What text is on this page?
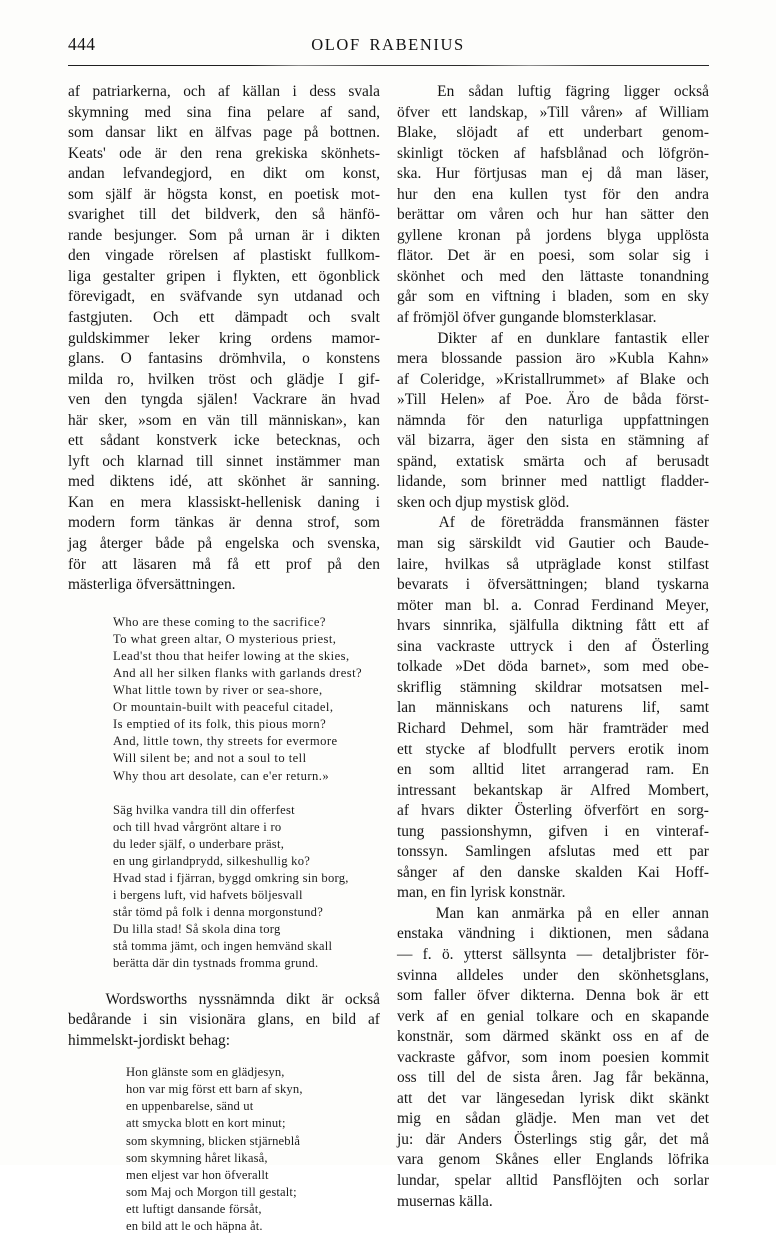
444	OLOF RABENIUS
af patriarkerna, och af källan i dess svala
skymning med sina fina pelare af sand,
som dansar likt en älfvas page på bottnen.
Keats' ode är den rena grekiska skönhets-
andan lefvandegjord, en dikt om konst,
som själf är högsta konst, en poetisk mot-
svarighet till det bildverk, den så hänfö-
rande besjunger. Som på urnan är i dikten
den vingade rörelsen af plastiskt fullkom-
liga gestalter gripen i flykten, ett ögonblick
förevigadt, en sväfvande syn utdanad och
fastgjuten. Och ett dämpadt och svalt
guldskimmer leker kring ordens mamor-
glans. O fantasins drömhvila, o konstens
milda ro, hvilken tröst och glädje I gif-
ven den tyngda själen! Vackrare än hvad
här sker, »som en vän till människan», kan
ett sådant konstverk icke betecknas, och
lyft och klarnad till sinnet instämmer man
med diktens idé, att skönhet är sanning.
Kan en mera klassiskt-hellenisk daning i
modern form tänkas är denna strof, som
jag återger både på engelska och svenska,
för att läsaren må få ett prof på den
mästerliga öfversättningen.
Who are these coming to the sacrifice?
To what green altar, O mysterious priest,
Lead'st thou that heifer lowing at the skies,
And all her silken flanks with garlands drest?
What little town by river or sea-shore,
Or mountain-built with peaceful citadel,
Is emptied of its folk, this pious morn?
And, little town, thy streets for evermore
Will silent be; and not a soul to tell
Why thou art desolate, can e'er return.»
Säg hvilka vandra till din offerfest
och till hvad vårgrönt altare i ro
du leder själf, o underbare präst,
en ung girlandprydd, silkeshullig ko?
Hvad stad i fjärran, byggd omkring sin borg,
i bergens luft, vid hafvets böljesvall
står tömd på folk i denna morgonstund?
Du lilla stad! Så skola dina torg
stå tomma jämt, och ingen hemvänd skall
berätta där din tystnads fromma grund.
Wordsworths nyssnämnda dikt är också
bedårande i sin visionära glans, en bild af
himmelskt-jordiskt behag:
Hon glänste som en glädjesyn,
hon var mig först ett barn af skyn,
en uppenbarelse, sänd ut
att smycka blott en kort minut;
som skymning, blicken stjärneblå
som skymning håret likaså,
men eljest var hon öfverallt
som Maj och Morgon till gestalt;
ett luftigt dansande försåt,
en bild att le och häpna åt.
En sådan luftig fägring ligger också
öfver ett landskap, »Till våren» af William
Blake, slöjadt af ett underbart genom-
skinligt töcken af hafsblånad och löfgrön-
ska. Hur förtjusas man ej då man läser,
hur den ena kullen tyst för den andra
berättar om våren och hur han sätter den
gyllene kronan på jordens blyga upplösta
flätor. Det är en poesi, som solar sig i
skönhet och med den lättaste tonandning
går som en viftning i bladen, som en sky
af frömjöl öfver gungande blomsterklasar.
Dikter af en dunklare fantastik eller
mera blossande passion äro »Kubla Kahn»
af Coleridge, »Kristallrummet» af Blake och
»Till Helen» af Poe. Äro de båda först-
nämnda för den naturliga uppfattningen
väl bizarra, äger den sista en stämning af
spänd, extatisk smärta och af berusadt
lidande, som brinner med nattligt fladder-
sken och djup mystisk glöd.
Af de företrädda fransmännen fäster
man sig särskildt vid Gautier och Baude-
laire, hvilkas så utpräglade konst stilfast
bevarats i öfversättningen; bland tyskarna
möter man bl. a. Conrad Ferdinand Meyer,
hvars sinnrika, själfulla diktning fått ett af
sina vackraste uttryck i den af Österling
tolkade »Det döda barnet», som med obe-
skriflig stämning skildrar motsatsen mel-
lan människans och naturens lif, samt
Richard Dehmel, som här framträder med
ett stycke af blodfullt pervers erotik inom
en som alltid litet arrangerad ram. En
intressant bekantskap är Alfred Mombert,
af hvars dikter Österling öfverfört en sorg-
tung passionshymn, gifven i en vinteraf-
tonssyn. Samlingen afslutas med ett par
sånger af den danske skalden Kai Hoff-
man, en fin lyrisk konstnär.
Man kan anmärka på en eller annan
enstaka vändning i diktionen, men sådana
— f. ö. ytterst sällsynta — detaljbrister för-
svinna alldeles under den skönhetsglans,
som faller öfver dikterna. Denna bok är ett
verk af en genial tolkare och en skapande
konstnär, som därmed skänkt oss en af de
vackraste gåfvor, som inom poesien kommit
oss till del de sista åren. Jag får bekänna,
att det var längesedan lyrisk dikt skänkt
mig en sådan glädje. Men man vet det
ju: där Anders Österlings stig går, det må
vara genom Skånes eller Englands löfrika
lundar, spelar alltid Pansflöjten och sorlar
musernas källa.
